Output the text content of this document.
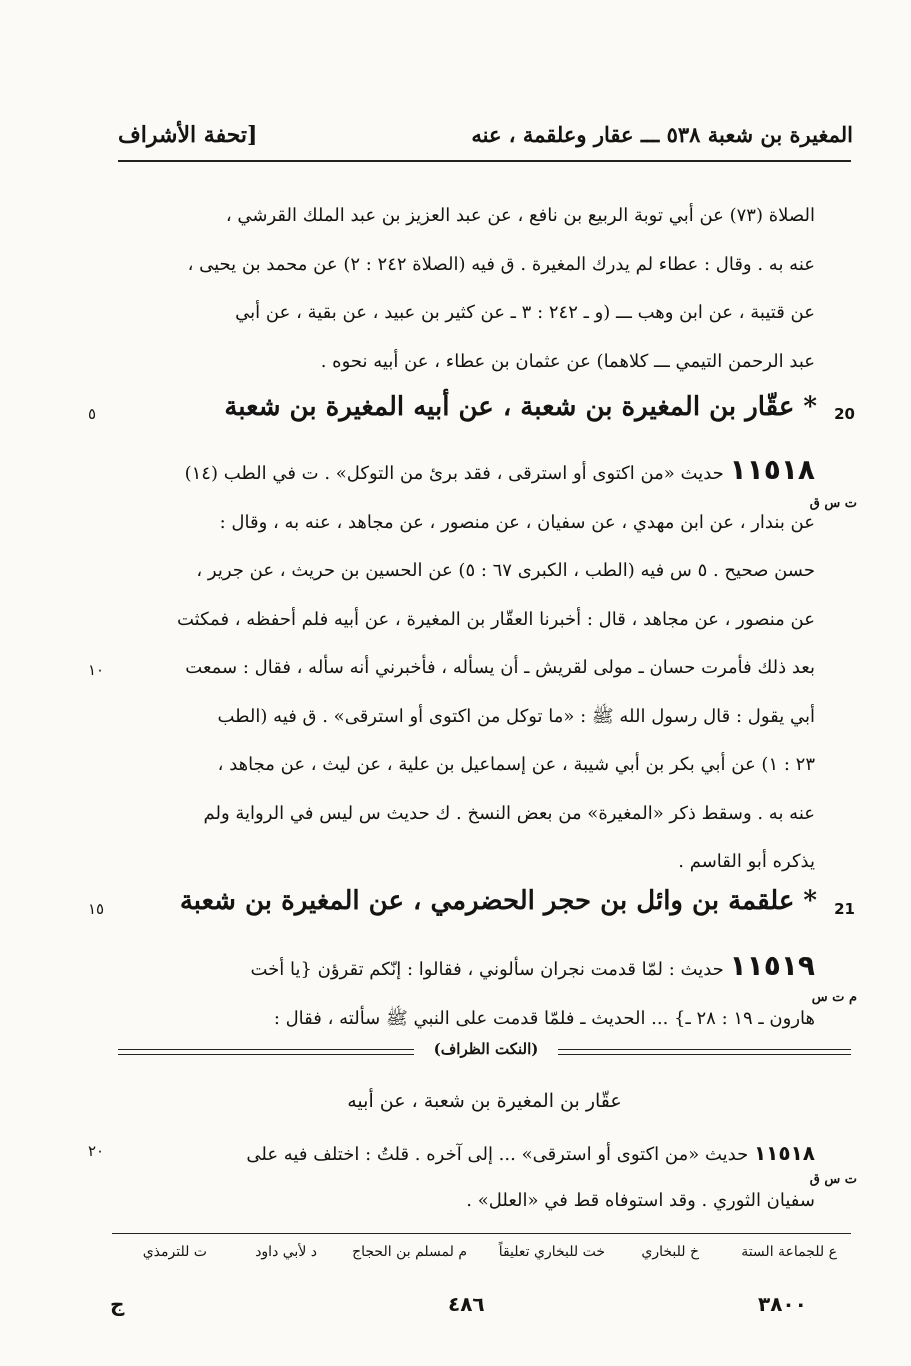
المغيرة بن شعبة ٥٣٨ ـــ عقار وعلقمة ، عنه
[تحفة الأشراف
الصلاة (٧٣) عن أبي توبة الربيع بن نافع ، عن عبد العزيز بن عبد الملك القرشي ،
عنه به . وقال : عطاء لم يدرك المغيرة . ق فيه (الصلاة ٢٤٢ : ٢) عن محمد بن يحيى ،
عن قتيبة ، عن ابن وهب ـــ (و ـ ٢٤٢ : ٣ ـ عن كثير بن عبيد ، عن بقية ، عن أبي
عبد الرحمن التيمي ـــ كلاهما) عن عثمان بن عطاء ، عن أبيه نحوه .
20
٥	* عقّار بن المغيرة بن شعبة ، عن أبيه المغيرة بن شعبة
١١٥١٨ حديث «من اكتوى أو استرقى ، فقد برئ من التوكل» . ت في الطب (١٤)
عن بندار ، عن ابن مهدي ، عن سفيان ، عن منصور ، عن مجاهد ، عنه به ، وقال :
حسن صحيح . ٥ س فيه (الطب ، الكبرى ٦٧ : ٥) عن الحسين بن حريث ، عن جرير ،
عن منصور ، عن مجاهد ، قال : أخبرنا العقّار بن المغيرة ، عن أبيه فلم أحفظه ، فمكثت
بعد ذلك فأمرت حسان ـ مولى لقريش ـ أن يسأله ، فأخبرني أنه سأله ، فقال : سمعت
أبي يقول : قال رسول الله ﷺ : «ما توكل من اكتوى أو استرقى» . ق فيه (الطب
٢٣ : ١) عن أبي بكر بن أبي شيبة ، عن إسماعيل بن علية ، عن ليث ، عن مجاهد ،
عنه به . وسقط ذكر «المغيرة» من بعض النسخ . ك حديث س ليس في الرواية ولم
يذكره أبو القاسم .
ت س ق
١٠
21
١٥	* علقمة بن وائل بن حجر الحضرمي ، عن المغيرة بن شعبة
١١٥١٩ حديث : لمّا قدمت نجران سألوني ، فقالوا : إنّكم تقرؤن {يا أخت
هارون ـ ١٩ : ٢٨ ـ} ... الحديث ـ فلمّا قدمت على النبي ﷺ سألته ، فقال :
م ت س
(النكت الظراف)
عقّار بن المغيرة بن شعبة ، عن أبيه
١١٥١٨ حديث «من اكتوى أو استرقى» ... إلى آخره . قلتُ : اختلف فيه على
سفيان الثوري . وقد استوفاه قط في «العلل» .
ت س ق
٢٠
ع للجماعة الستة
خ للبخاري
خت للبخاري تعليقاً
م لمسلم بن الحجاج
د لأبي داود
ت للترمذي
ج	٤٨٦	٣٨٠٠
